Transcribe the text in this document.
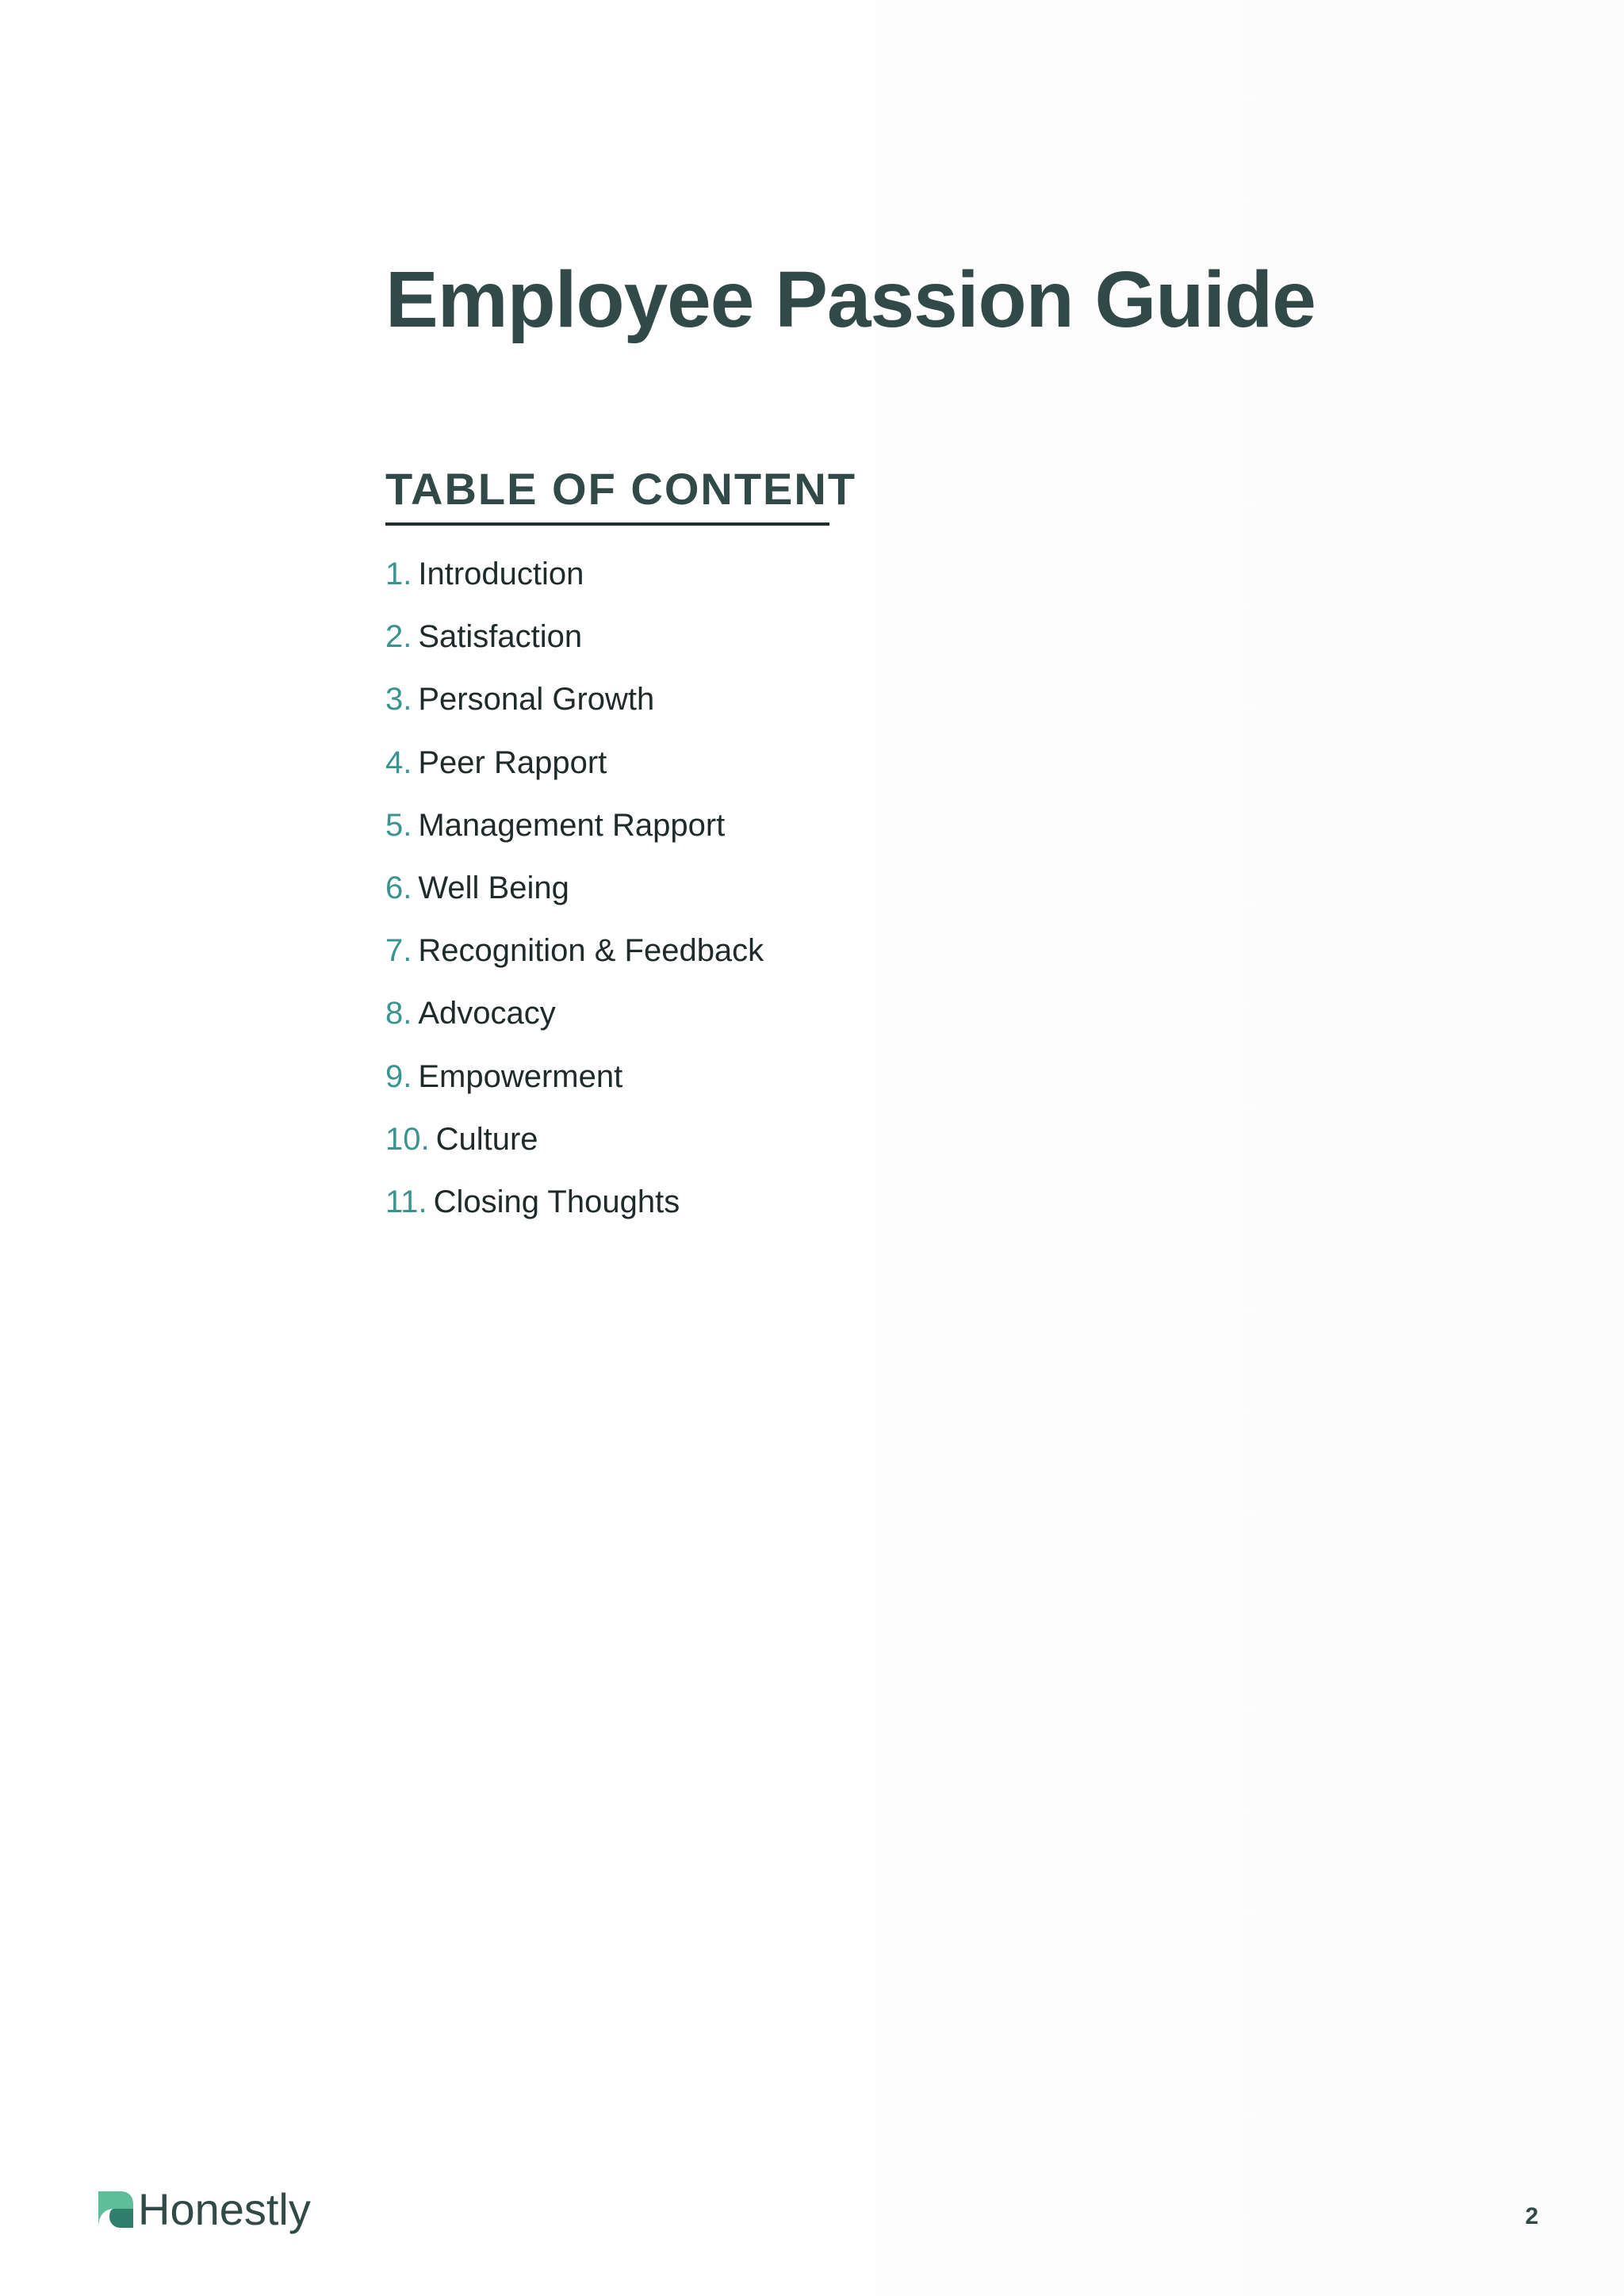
Employee Passion Guide
TABLE OF CONTENT
1. Introduction
2. Satisfaction
3. Personal Growth
4. Peer Rapport
5. Management Rapport
6. Well Being
7. Recognition & Feedback
8. Advocacy
9. Empowerment
10. Culture
11. Closing Thoughts
Honestly	2
